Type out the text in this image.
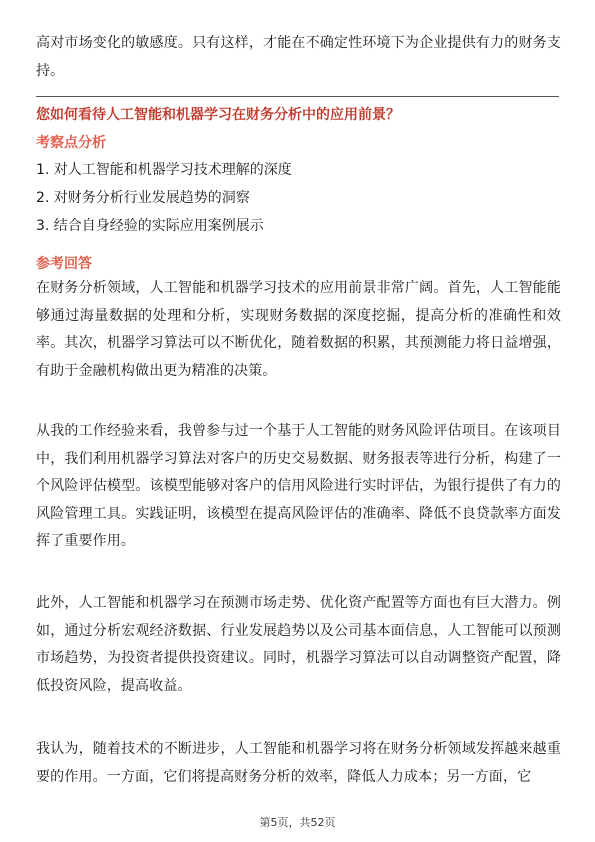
高对市场变化的敏感度。只有这样，才能在不确定性环境下为企业提供有力的财务支持。

您如何看待人工智能和机器学习在财务分析中的应用前景？

考察点分析

1. 对人工智能和机器学习技术理解的深度

2. 对财务分析行业发展趋势的洞察

3. 结合自身经验的实际应用案例展示

参考回答

在财务分析领域，人工智能和机器学习技术的应用前景非常广阔。首先，人工智能能够通过海量数据的处理和分析，实现财务数据的深度挖掘，提高分析的准确性和效率。其次，机器学习算法可以不断优化，随着数据的积累，其预测能力将日益增强，有助于金融机构做出更为精准的决策。

从我的工作经验来看，我曾参与过一个基于人工智能的财务风险评估项目。在该项目中，我们利用机器学习算法对客户的历史交易数据、财务报表等进行分析，构建了一个风险评估模型。该模型能够对客户的信用风险进行实时评估，为银行提供了有力的风险管理工具。实践证明，该模型在提高风险评估的准确率、降低不良贷款率方面发挥了重要作用。

此外，人工智能和机器学习在预测市场走势、优化资产配置等方面也有巨大潜力。例如，通过分析宏观经济数据、行业发展趋势以及公司基本面信息，人工智能可以预测市场趋势，为投资者提供投资建议。同时，机器学习算法可以自动调整资产配置，降低投资风险，提高收益。

我认为，随着技术的不断进步，人工智能和机器学习将在财务分析领域发挥越来越重要的作用。一方面，它们将提高财务分析的效率，降低人力成本；另一方面，它

第5页，共52页
